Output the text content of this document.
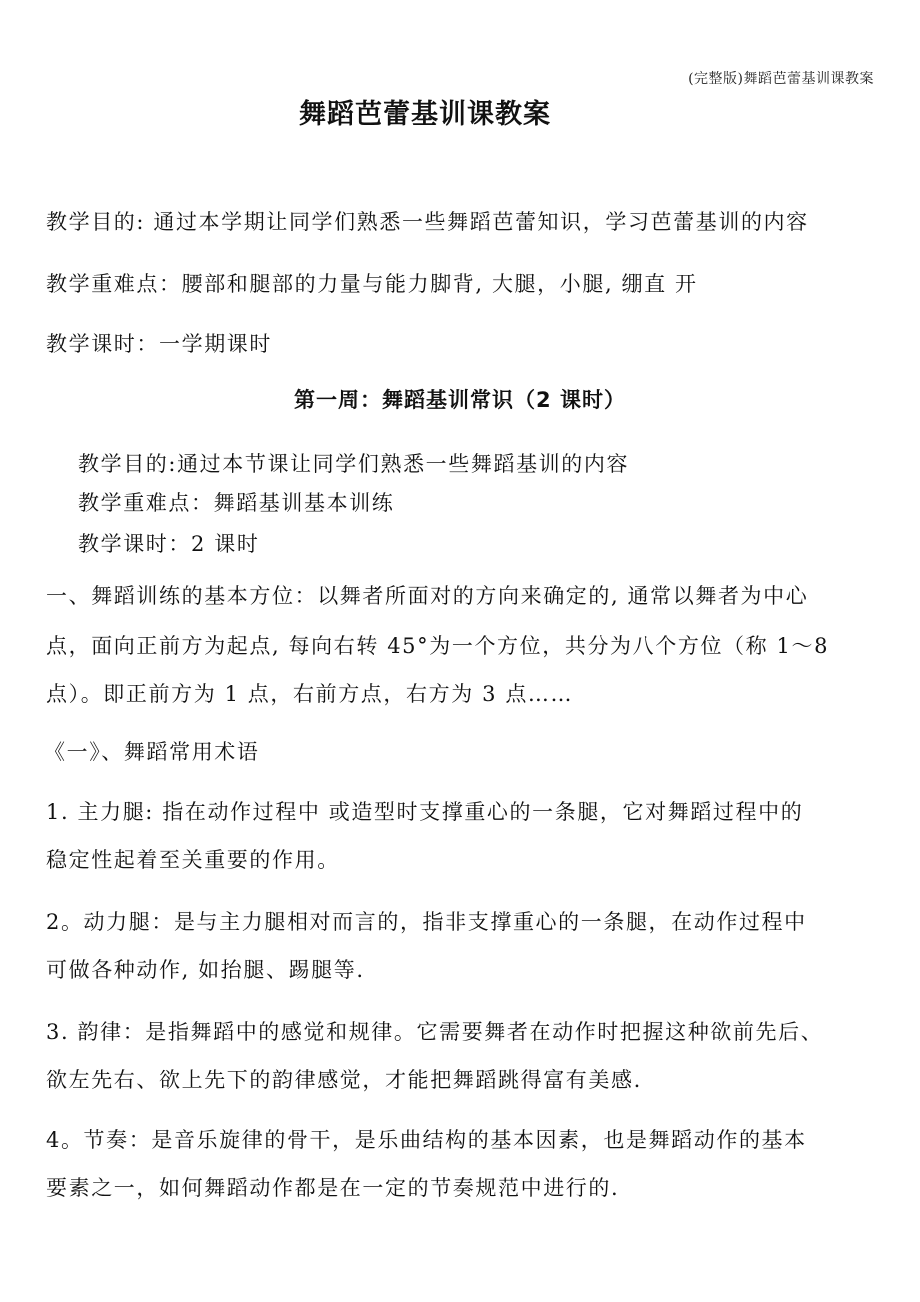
(完整版)舞蹈芭蕾基训课教案
舞蹈芭蕾基训课教案
教学目的: 通过本学期让同学们熟悉一些舞蹈芭蕾知识，学习芭蕾基训的内容
教学重难点：腰部和腿部的力量与能力脚背, 大腿，小腿, 绷直 开
教学课时：一学期课时
第一周：舞蹈基训常识（2 课时）
教学目的:通过本节课让同学们熟悉一些舞蹈基训的内容
教学重难点：舞蹈基训基本训练
教学课时：2 课时
一、舞蹈训练的基本方位：以舞者所面对的方向来确定的, 通常以舞者为中心
点，面向正前方为起点, 每向右转 45°为一个方位，共分为八个方位（称 1～8
点）。即正前方为 1 点，右前方点，右方为 3 点……
《一》、舞蹈常用术语
1. 主力腿: 指在动作过程中 或造型时支撑重心的一条腿，它对舞蹈过程中的
稳定性起着至关重要的作用。
2。动力腿：是与主力腿相对而言的，指非支撑重心的一条腿，在动作过程中
可做各种动作, 如抬腿、踢腿等.
3. 韵律：是指舞蹈中的感觉和规律。它需要舞者在动作时把握这种欲前先后、
欲左先右、欲上先下的韵律感觉，才能把舞蹈跳得富有美感.
4。节奏：是音乐旋律的骨干，是乐曲结构的基本因素，也是舞蹈动作的基本
要素之一，如何舞蹈动作都是在一定的节奏规范中进行的.
